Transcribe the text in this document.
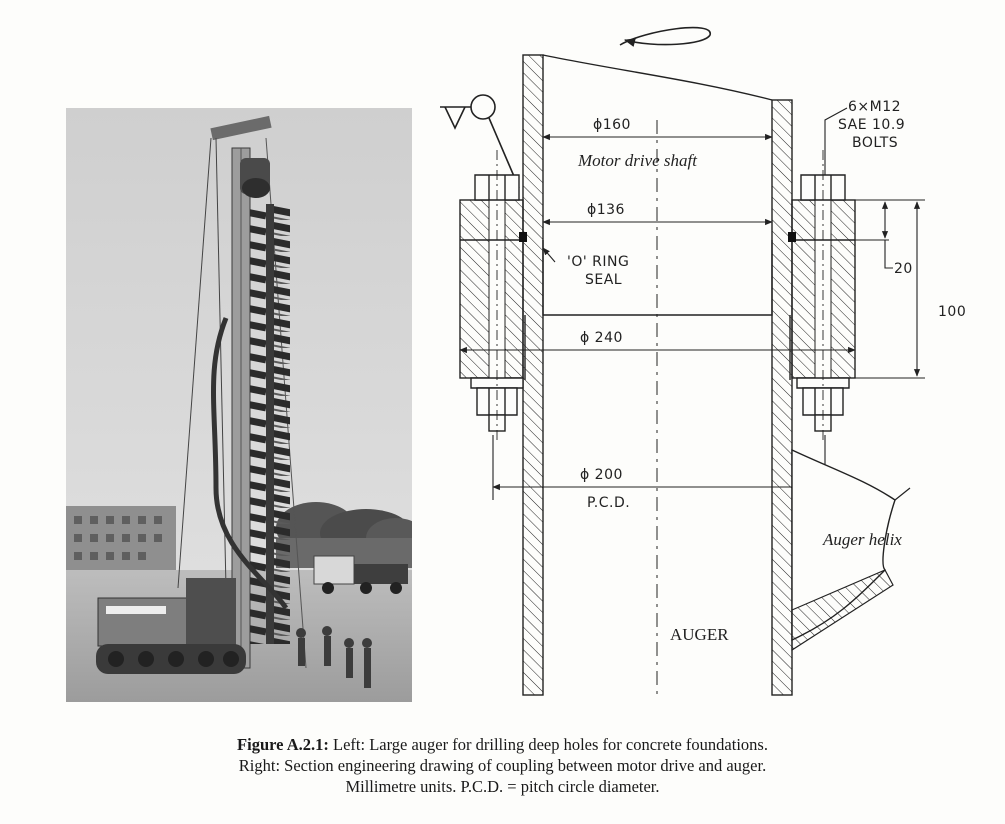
ϕ160
Motor drive shaft
ϕ136
'O' RING
SEAL
ϕ 240
ϕ 200
P.C.D.
6×M12
SAE 10.9
BOLTS
20
100
Auger helix
AUGER
Figure A.2.1: Left: Large auger for drilling deep holes for concrete foundations.
Right: Section engineering drawing of coupling between motor drive and auger.
Millimetre units. P.C.D. = pitch circle diameter.
